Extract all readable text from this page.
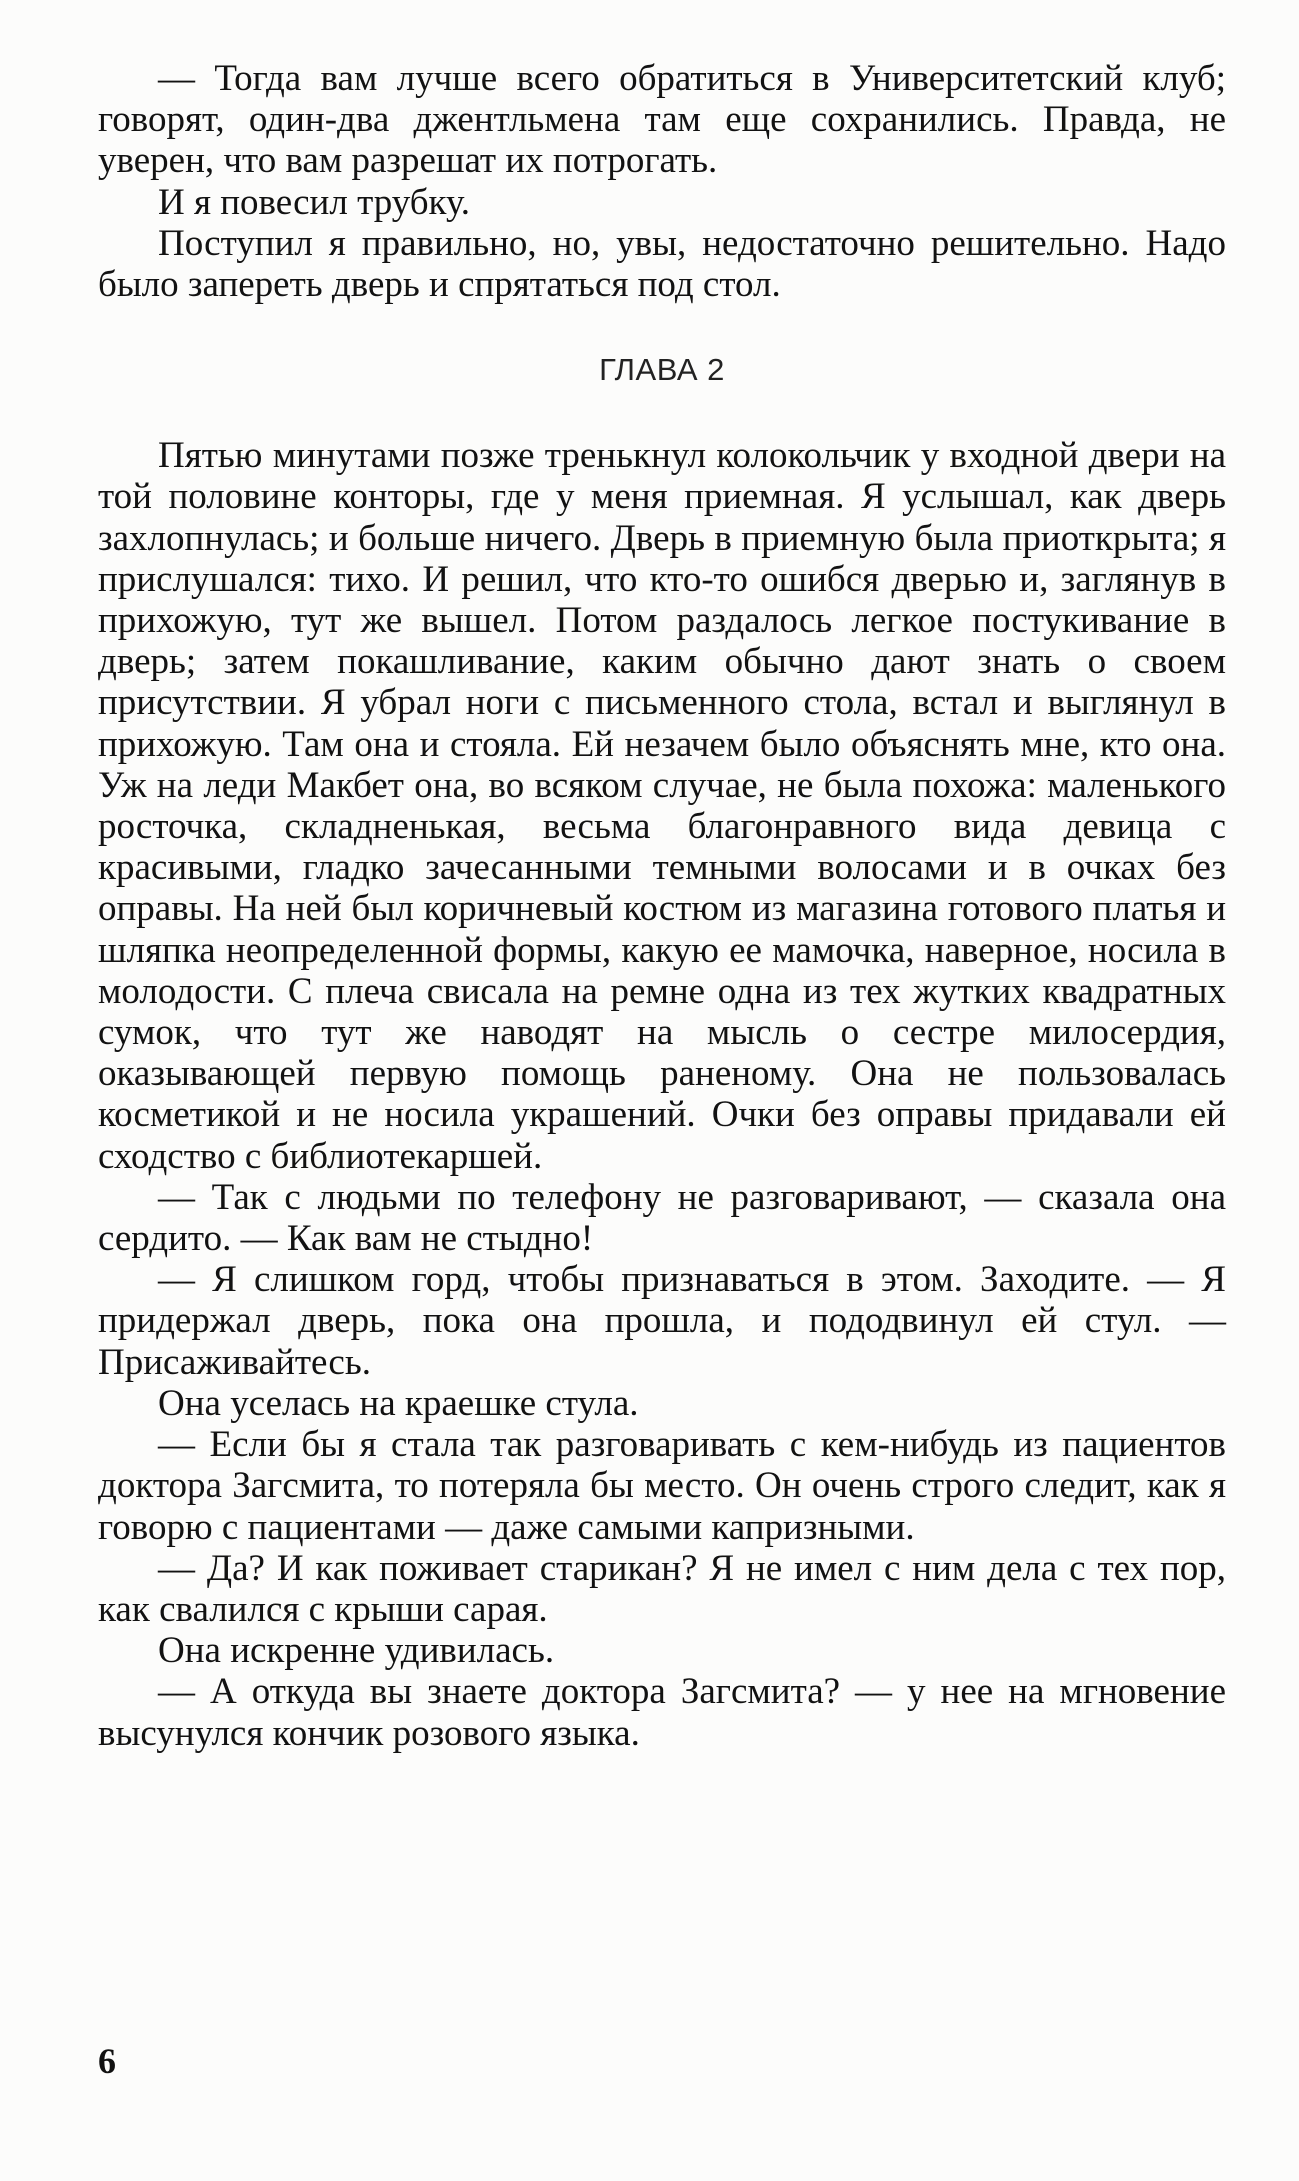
— Тогда вам лучше всего обратиться в Университетский клуб; говорят, один-два джентльмена там еще сохранились. Правда, не уверен, что вам разрешат их потрогать.

И я повесил трубку.

Поступил я правильно, но, увы, недостаточно решительно. Надо было запереть дверь и спрятаться под стол.

ГЛАВА 2

Пятью минутами позже тренькнул колокольчик у входной двери на той половине конторы, где у меня приемная. Я услышал, как дверь захлопнулась; и больше ничего. Дверь в приемную была приоткрыта; я прислушался: тихо. И решил, что кто-то ошибся дверью и, заглянув в прихожую, тут же вышел. Потом раздалось легкое постукивание в дверь; затем покашливание, каким обычно дают знать о своем присутствии. Я убрал ноги с письменного стола, встал и выглянул в прихожую. Там она и стояла. Ей незачем было объяснять мне, кто она. Уж на леди Макбет она, во всяком случае, не была похожа: маленького росточка, складненькая, весьма благонравного вида девица с красивыми, гладко зачесанными темными волосами и в очках без оправы. На ней был коричневый костюм из магазина готового платья и шляпка неопределенной формы, какую ее мамочка, наверное, носила в молодости. С плеча свисала на ремне одна из тех жутких квадратных сумок, что тут же наводят на мысль о сестре милосердия, оказывающей первую помощь раненому. Она не пользовалась косметикой и не носила украшений. Очки без оправы придавали ей сходство с библиотекаршей.

— Так с людьми по телефону не разговаривают, — сказала она сердито. — Как вам не стыдно!

— Я слишком горд, чтобы признаваться в этом. Заходите. — Я придержал дверь, пока она прошла, и пододвинул ей стул. — Присаживайтесь.

Она уселась на краешке стула.

— Если бы я стала так разговаривать с кем-нибудь из пациентов доктора Загсмита, то потеряла бы место. Он очень строго следит, как я говорю с пациентами — даже самыми капризными.

— Да? И как поживает старикан? Я не имел с ним дела с тех пор, как свалился с крыши сарая.

Она искренне удивилась.

— А откуда вы знаете доктора Загсмита? — у нее на мгновение высунулся кончик розового языка.

6
